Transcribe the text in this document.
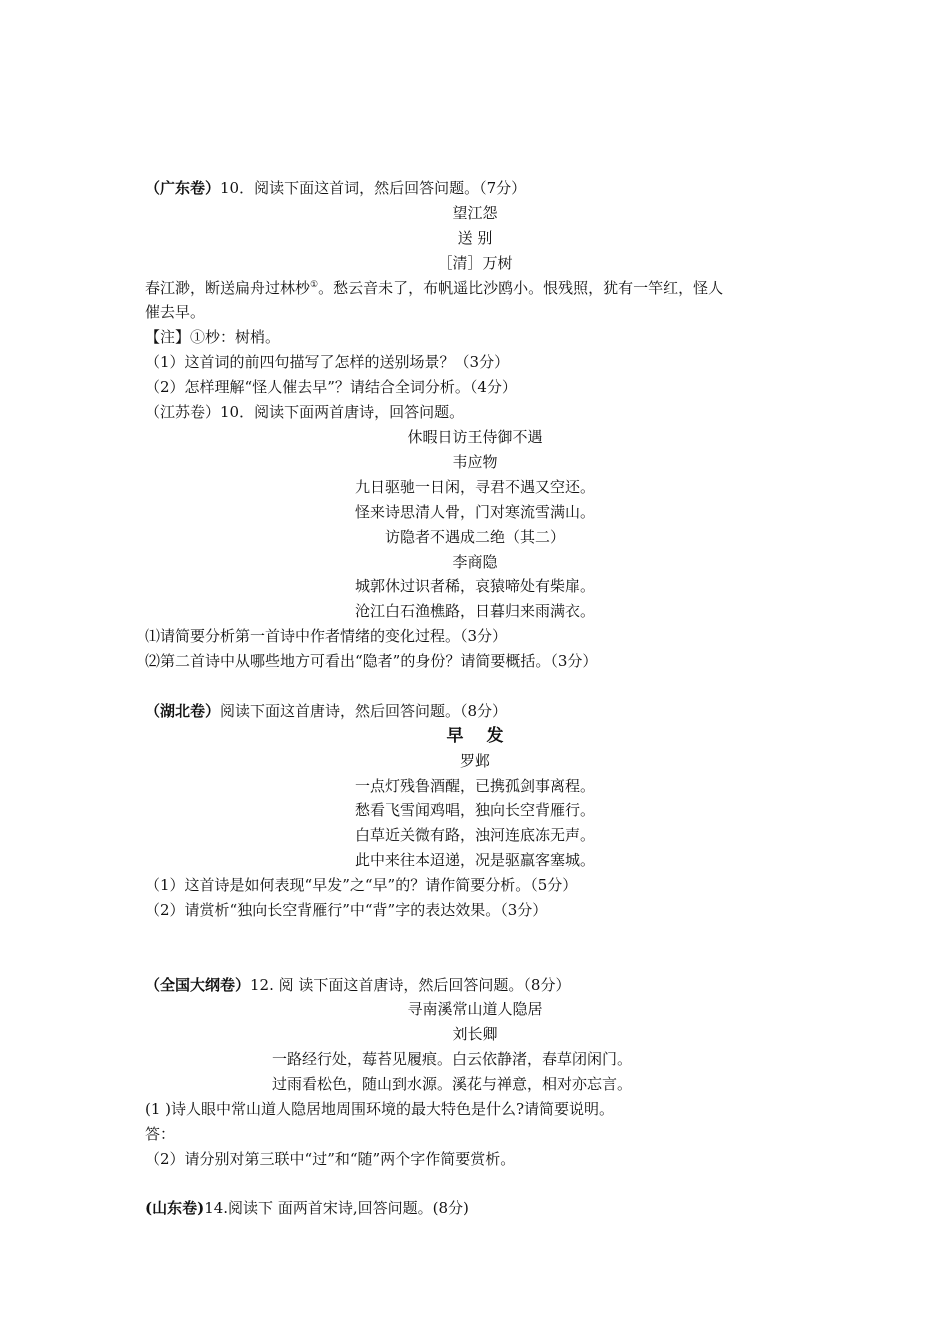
（广东卷）10．阅读下面这首词，然后回答问题。（7分）
望江怨
送 别
［清］万树
春江渺，断送扁舟过林杪①。愁云音未了，布帆遥比沙鸥小。恨残照，犹有一竿红，怪人
催去早。
【注】①杪：树梢。
（1）这首词的前四句描写了怎样的送别场景？（3分）
（2）怎样理解“怪人催去早”？请结合全词分析。（4分）
（江苏卷）10．阅读下面两首唐诗，回答问题。
休暇日访王侍御不遇
韦应物
九日驱驰一日闲，寻君不遇又空还。
怪来诗思清人骨，门对寒流雪满山。
访隐者不遇成二绝（其二）
李商隐
城郭休过识者稀，哀猿啼处有柴扉。
沧江白石渔樵路，日暮归来雨满衣。
⑴请简要分析第一首诗中作者情绪的变化过程。（3分）
⑵第二首诗中从哪些地方可看出“隐者”的身份？请简要概括。（3分）
（湖北卷）阅读下面这首唐诗，然后回答问题。（8分）
早　 发
罗邺
一点灯残鲁酒醒，已携孤剑事离程。
愁看飞雪闻鸡唱，独向长空背雁行。
白草近关微有路，浊河连底冻无声。
此中来往本迢递，况是驱羸客塞城。
（1）这首诗是如何表现“早发”之“早”的？请作简要分析。（5分）
（2）请赏析“独向长空背雁行”中“背”字的表达效果。（3分）
（全国大纲卷）12. 阅 读下面这首唐诗，然后回答问题。（8分）
寻南溪常山道人隐居
刘长卿
一路经行处，莓苔见履痕。白云依静渚，春草闭闲门。
过雨看松色，随山到水源。溪花与禅意，相对亦忘言。
(1 )诗人眼中常山道人隐居地周围环境的最大特色是什么?请简要说明。
答：
（2）请分别对第三联中“过”和“随”两个字作简要赏析。
(山东卷)14.阅读下 面两首宋诗,回答问题。(8分)
